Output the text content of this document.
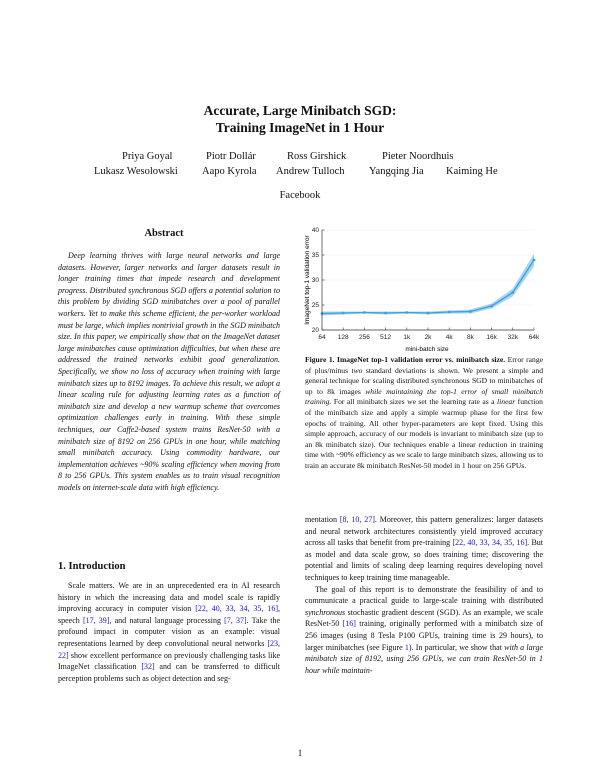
Accurate, Large Minibatch SGD:
Training ImageNet in 1 Hour
Priya Goyal	Piotr Dollár	Ross Girshick	Pieter Noordhuis
Lukasz Wesolowski Aapo Kyrola Andrew Tulloch Yangqing Jia Kaiming He
Facebook
Abstract

Deep learning thrives with large neural networks and large datasets. However, larger networks and larger datasets result in longer training times that impede research and development progress. Distributed synchronous SGD offers a potential solution to this problem by dividing SGD minibatches over a pool of parallel workers. Yet to make this scheme efficient, the per-worker workload must be large, which implies nontrivial growth in the SGD minibatch size. In this paper, we empirically show that on the ImageNet dataset large minibatches cause optimization difficulties, but when these are addressed the trained networks exhibit good generalization. Specifically, we show no loss of accuracy when training with large minibatch sizes up to 8192 images. To achieve this result, we adopt a linear scaling rule for adjusting learning rates as a function of minibatch size and develop a new warmup scheme that overcomes optimization challenges early in training. With these simple techniques, our Caffe2-based system trains ResNet-50 with a minibatch size of 8192 on 256 GPUs in one hour, while matching small minibatch accuracy. Using commodity hardware, our implementation achieves ~90% scaling efficiency when moving from 8 to 256 GPUs. This system enables us to train visual recognition models on internet-scale data with high efficiency.

1. Introduction

Scale matters. We are in an unprecedented era in AI research history in which the increasing data and model scale is rapidly improving accuracy in computer vision [22, 40, 33, 34, 35, 16], speech [17, 39], and natural language processing [7, 37]. Take the profound impact in computer vision as an example: visual representations learned by deep convolutional neural networks [23, 22] show excellent performance on previously challenging tasks like ImageNet classification [32] and can be transferred to difficult perception problems such as object detection and seg-

20
25
30
35
40
64 128 256 512 1k 2k 4k 8k 16k 32k 64k
ImageNet top-1 validation error
mini-batch size
Figure 1. ImageNet top-1 validation error vs. minibatch size. Error range of plus/minus two standard deviations is shown. We present a simple and general technique for scaling distributed synchronous SGD to minibatches of up to 8k images while maintaining the top-1 error of small minibatch training. For all minibatch sizes we set the learning rate as a linear function of the minibatch size and apply a simple warmup phase for the first few epochs of training. All other hyper-parameters are kept fixed. Using this simple approach, accuracy of our models is invariant to minibatch size (up to an 8k minibatch size). Our techniques enable a linear reduction in training time with ~90% efficiency as we scale to large minibatch sizes, allowing us to train an accurate 8k minibatch ResNet-50 model in 1 hour on 256 GPUs.

mentation [8, 10, 27]. Moreover, this pattern generalizes: larger datasets and neural network architectures consistently yield improved accuracy across all tasks that benefit from pre-training [22, 40, 33, 34, 35, 16]. But as model and data scale grow, so does training time; discovering the potential and limits of scaling deep learning requires developing novel techniques to keep training time manageable.

The goal of this report is to demonstrate the feasibility of and to communicate a practical guide to large-scale training with distributed synchronous stochastic gradient descent (SGD). As an example, we scale ResNet-50 [16] training, originally performed with a minibatch size of 256 images (using 8 Tesla P100 GPUs, training time is 29 hours), to larger minibatches (see Figure 1). In particular, we show that with a large minibatch size of 8192, using 256 GPUs, we can train ResNet-50 in 1 hour while maintain-

1
